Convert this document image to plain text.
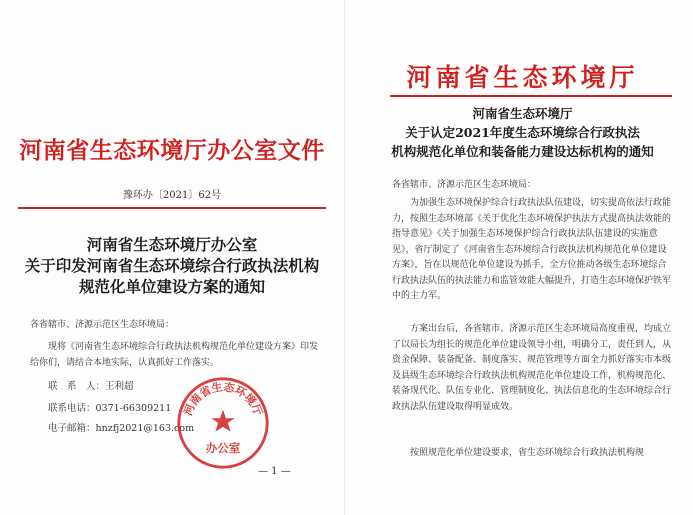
河南省生态环境厅办公室文件
豫环办〔2021〕62号
河南省生态环境厅办公室
关于印发河南省生态环境综合行政执法机构
规范化单位建设方案的通知
各省辖市、济源示范区生态环境局：
现将《河南省生态环境综合行政执法机构规范化单位建设方案》印发给你们，请结合本地实际，认真抓好工作落实。
联　系　人：王利超
联系电话：0371-66309211
电子邮箱：hnzfj2021@163.com
河南省生态环境厅
办公室
— 1 —
河南省生态环境厅
河南省生态环境厅
关于认定2021年度生态环境综合行政执法
机构规范化单位和装备能力建设达标机构的通知
各省辖市、济源示范区生态环境局：
为加强生态环境保护综合行政执法队伍建设，切实提高依法行政能力，按照生态环境部《关于优化生态环境保护执法方式提高执法效能的指导意见》《关于加强生态环境保护综合行政执法队伍建设的实施意见》，省厅制定了《河南省生态环境综合行政执法机构规范化单位建设方案》，旨在以规范化单位建设为抓手，全方位推动各级生态环境综合行政执法队伍的执法能力和监管效能大幅提升，打造生态环境保护铁军中的主力军。
方案出台后，各省辖市、济源示范区生态环境局高度重视，均成立了以局长为组长的规范化单位建设领导小组，明确分工，责任到人，从资金保障、装备配备、制度落实、规范管理等方面全力抓好落实市本级及县级生态环境综合行政执法机构规范化单位建设工作，机构规范化、装备现代化、队伍专业化、管理制度化、执法信息化的生态环境综合行政执法队伍建设取得明显成效。
按照规范化单位建设要求，省生态环境综合行政执法机构规
